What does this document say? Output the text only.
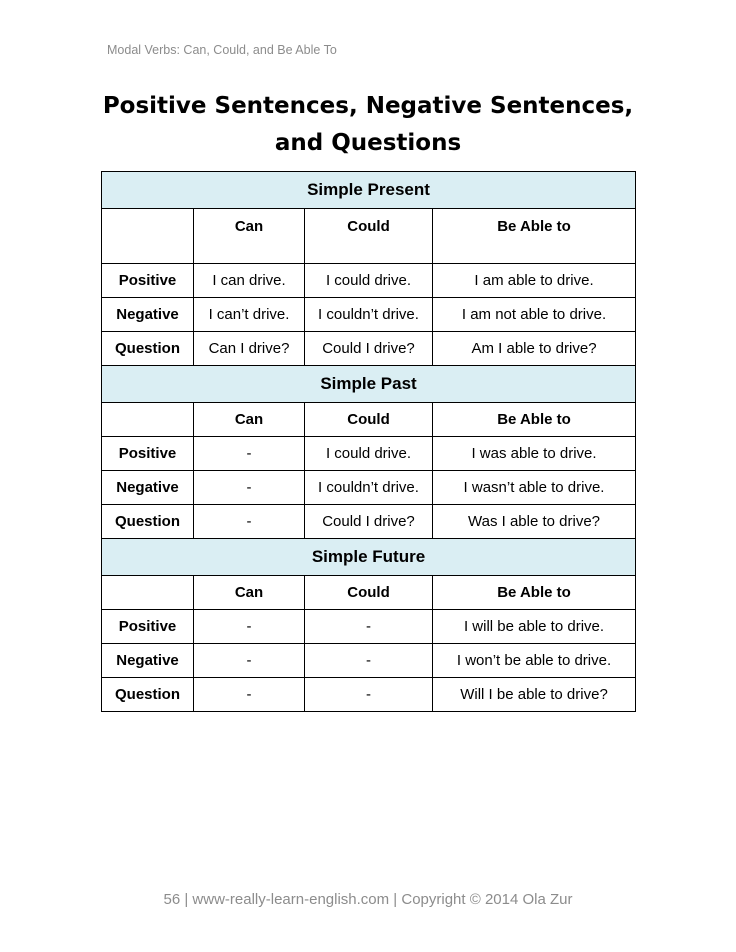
Modal Verbs: Can, Could, and Be Able To
Positive Sentences, Negative Sentences,
and Questions
Simple Present			
	Can	Could	Be Able to
Positive	I can drive.	I could drive.	I am able to drive.
Negative	I can’t drive.	I couldn’t drive.	I am not able to drive.
Question	Can I drive?	Could I drive?	Am I able to drive?
Simple Past			
	Can	Could	Be Able to
Positive	-	I could drive.	I was able to drive.
Negative	-	I couldn’t drive.	I wasn’t able to drive.
Question	-	Could I drive?	Was I able to drive?
Simple Future			
	Can	Could	Be Able to
Positive	-	-	I will be able to drive.
Negative	-	-	I won’t be able to drive.
Question	-	-	Will I be able to drive?
56 | www-really-learn-english.com | Copyright © 2014 Ola Zur
